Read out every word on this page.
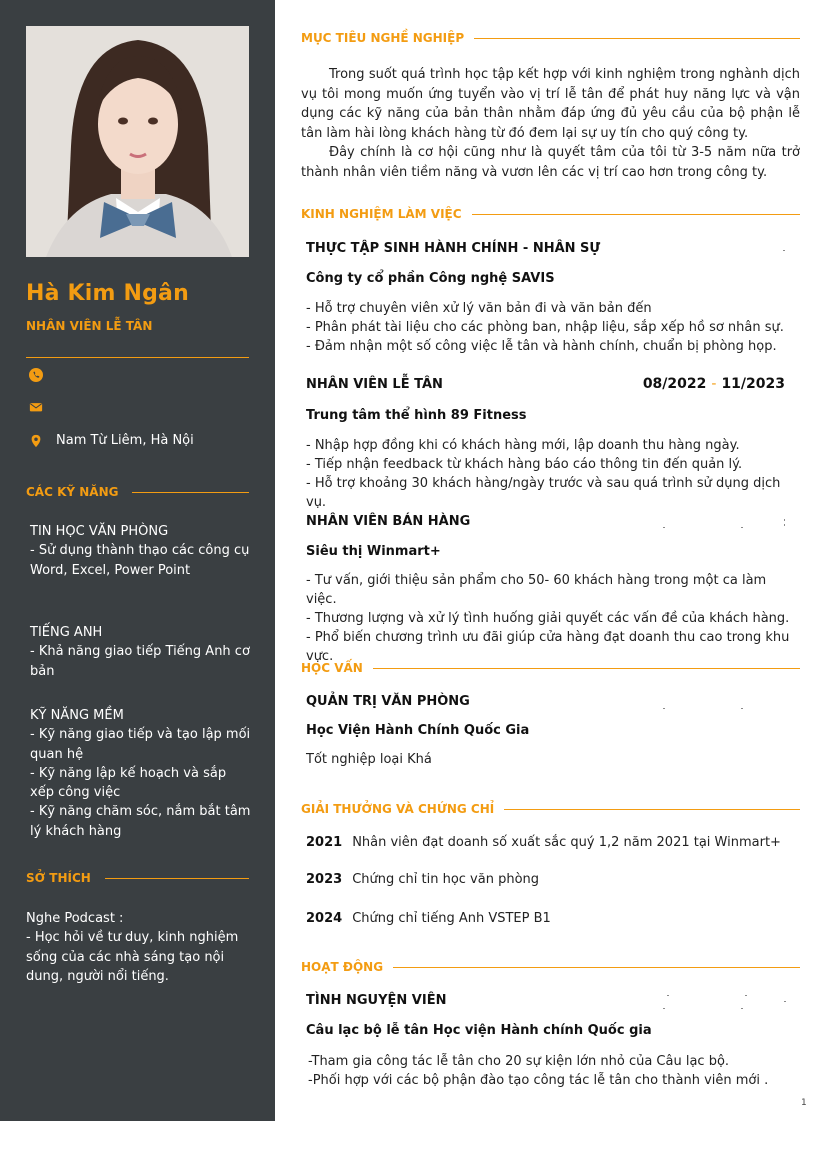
Hà Kim Ngân
NHÂN VIÊN LỄ TÂN
Nam Từ Liêm, Hà Nội
CÁC KỸ NĂNG
TIN HỌC VĂN PHÒNG
- Sử dụng thành thạo các công cụ Word, Excel, Power Point
TIẾNG ANH
- Khả năng giao tiếp Tiếng Anh cơ bản
KỸ NĂNG MỀM
- Kỹ năng giao tiếp và tạo lập mối quan hệ
- Kỹ năng lập kế hoạch và sắp xếp công việc
- Kỹ năng chăm sóc, nắm bắt tâm lý khách hàng
SỞ THÍCH
Nghe Podcast :
- Học hỏi về tư duy, kinh nghiệm sống của các nhà sáng tạo nội dung, người nổi tiếng.
MỤC TIÊU NGHỀ NGHIỆP

Trong suốt quá trình học tập kết hợp với kinh nghiệm trong nghành dịch vụ tôi mong muốn ứng tuyển vào vị trí lễ tân để phát huy năng lực và vận dụng các kỹ năng của bản thân nhằm đáp ứng đủ yêu cầu của bộ phận lễ tân làm hài lòng khách hàng từ đó đem lại sự uy tín cho quý công ty.

Đây chính là cơ hội cũng như là quyết tâm của tôi từ 3-5 năm nữa trở thành nhân viên tiềm năng và vươn lên các vị trí cao hơn trong công ty.

KINH NGHIỆM LÀM VIỆC
THỰC TẬP SINH HÀNH CHÍNH - NHÂN SỰ
Công ty cổ phần Công nghệ SAVIS
- Hỗ trợ chuyên viên xử lý văn bản đi và văn bản đến
- Phân phát tài liệu cho các phòng ban, nhập liệu, sắp xếp hồ sơ nhân sự.
- Đảm nhận một số công việc lễ tân và hành chính, chuẩn bị phòng họp.
NHÂN VIÊN LỄ TÂN	08/2022 - 11/2023
Trung tâm thể hình 89 Fitness
- Nhập hợp đồng khi có khách hàng mới, lập doanh thu hàng ngày.
- Tiếp nhận feedback từ khách hàng báo cáo thông tin đến quản lý.
- Hỗ trợ khoảng 30 khách hàng/ngày trước và sau quá trình sử dụng dịch vụ.
NHÂN VIÊN BÁN HÀNG
Siêu thị Winmart+
- Tư vấn, giới thiệu sản phẩm cho 50- 60 khách hàng trong một ca làm việc.
- Thương lượng và xử lý tình huống giải quyết các vấn đề của khách hàng.
- Phổ biến chương trình ưu đãi giúp cửa hàng đạt doanh thu cao trong khu vực.
HỌC VẤN
QUẢN TRỊ VĂN PHÒNG
Học Viện Hành Chính Quốc Gia
Tốt nghiệp loại Khá
GIẢI THƯỞNG VÀ CHỨNG CHỈ
2021 Nhân viên đạt doanh số xuất sắc quý 1,2 năm 2021 tại Winmart+
2023 Chứng chỉ tin học văn phòng
2024 Chứng chỉ tiếng Anh VSTEP B1
HOẠT ĐỘNG
TÌNH NGUYỆN VIÊN
Câu lạc bộ lễ tân Học viện Hành chính Quốc gia
-Tham gia công tác lễ tân cho 20 sự kiện lớn nhỏ của Câu lạc bộ.
-Phối hợp với các bộ phận đào tạo công tác lễ tân cho thành viên mới .
1
